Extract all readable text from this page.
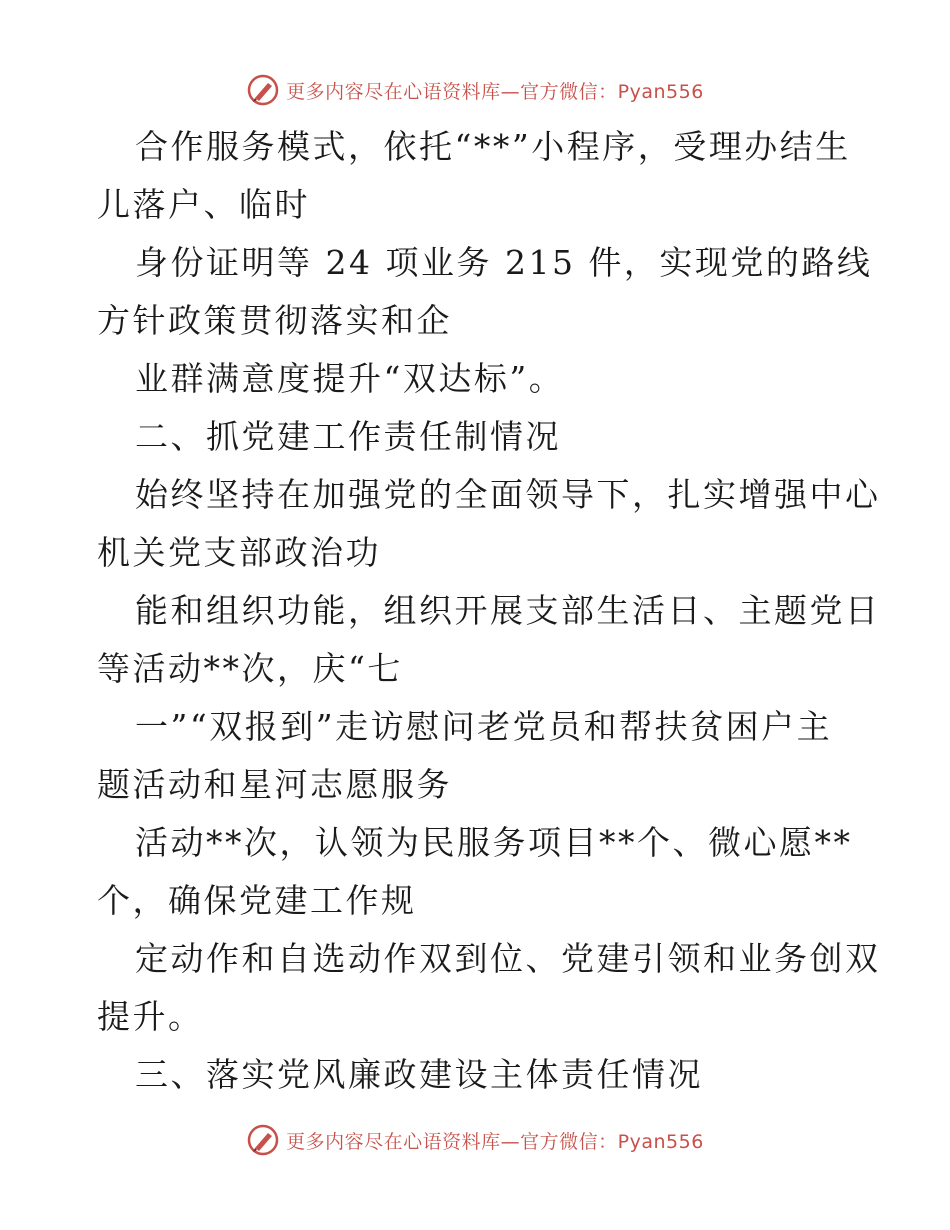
更多内容尽在心语资料库—官方微信：Pyan556
合作服务模式，依托“**”小程序，受理办结生
儿落户、临时
身份证明等 24 项业务 215 件，实现党的路线
方针政策贯彻落实和企
业群满意度提升“双达标”。
二、抓党建工作责任制情况
始终坚持在加强党的全面领导下，扎实增强中心
机关党支部政治功
能和组织功能，组织开展支部生活日、主题党日
等活动**次，庆“七
一”“双报到”走访慰问老党员和帮扶贫困户主
题活动和星河志愿服务
活动**次，认领为民服务项目**个、微心愿**
个，确保党建工作规
定动作和自选动作双到位、党建引领和业务创双
提升。
三、落实党风廉政建设主体责任情况
更多内容尽在心语资料库—官方微信：Pyan556
